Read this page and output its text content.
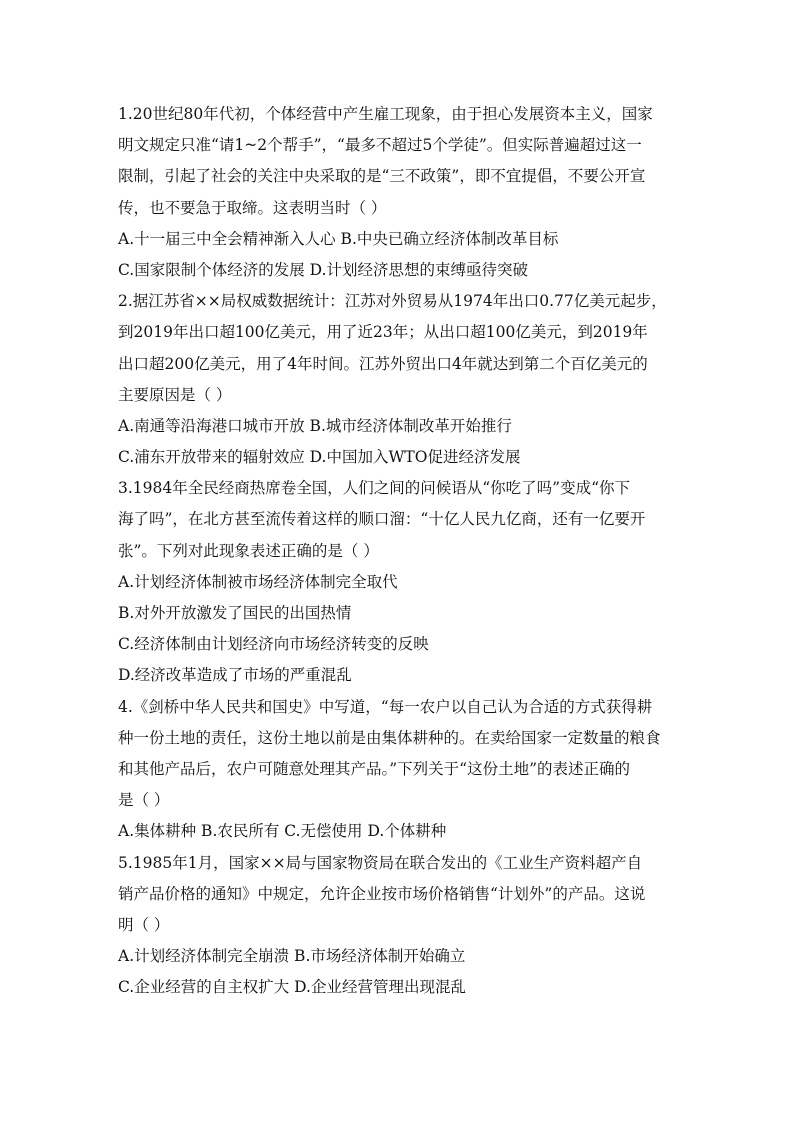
1.20世纪80年代初，个体经营中产生雇工现象，由于担心发展资本主义，国家
明文规定只准“请1~2个帮手”，“最多不超过5个学徒”。但实际普遍超过这一
限制，引起了社会的关注中央采取的是“三不政策”，即不宜提倡，不要公开宣
传，也不要急于取缔。这表明当时（ ）
A.十一届三中全会精神渐入人心 B.中央已确立经济体制改革目标
C.国家限制个体经济的发展 D.计划经济思想的束缚亟待突破
2.据江苏省××局权威数据统计：江苏对外贸易从1974年出口0.77亿美元起步，
到2019年出口超100亿美元，用了近23年；从出口超100亿美元，到2019年
出口超200亿美元，用了4年时间。江苏外贸出口4年就达到第二个百亿美元的
主要原因是（ ）
A.南通等沿海港口城市开放 B.城市经济体制改革开始推行
C.浦东开放带来的辐射效应 D.中国加入WTO促进经济发展
3.1984年全民经商热席卷全国，人们之间的问候语从“你吃了吗”变成“你下
海了吗”，在北方甚至流传着这样的顺口溜：“十亿人民九亿商，还有一亿要开
张”。下列对此现象表述正确的是（ ）
A.计划经济体制被市场经济体制完全取代
B.对外开放激发了国民的出国热情
C.经济体制由计划经济向市场经济转变的反映
D.经济改革造成了市场的严重混乱
4.《剑桥中华人民共和国史》中写道，“每一农户以自己认为合适的方式获得耕
种一份土地的责任，这份土地以前是由集体耕种的。在卖给国家一定数量的粮食
和其他产品后，农户可随意处理其产品。”下列关于“这份土地”的表述正确的
是（ ）
A.集体耕种 B.农民所有 C.无偿使用 D.个体耕种
5.1985年1月，国家××局与国家物资局在联合发出的《工业生产资料超产自
销产品价格的通知》中规定，允许企业按市场价格销售“计划外”的产品。这说
明（ ）
A.计划经济体制完全崩溃 B.市场经济体制开始确立
C.企业经营的自主权扩大 D.企业经营管理出现混乱
